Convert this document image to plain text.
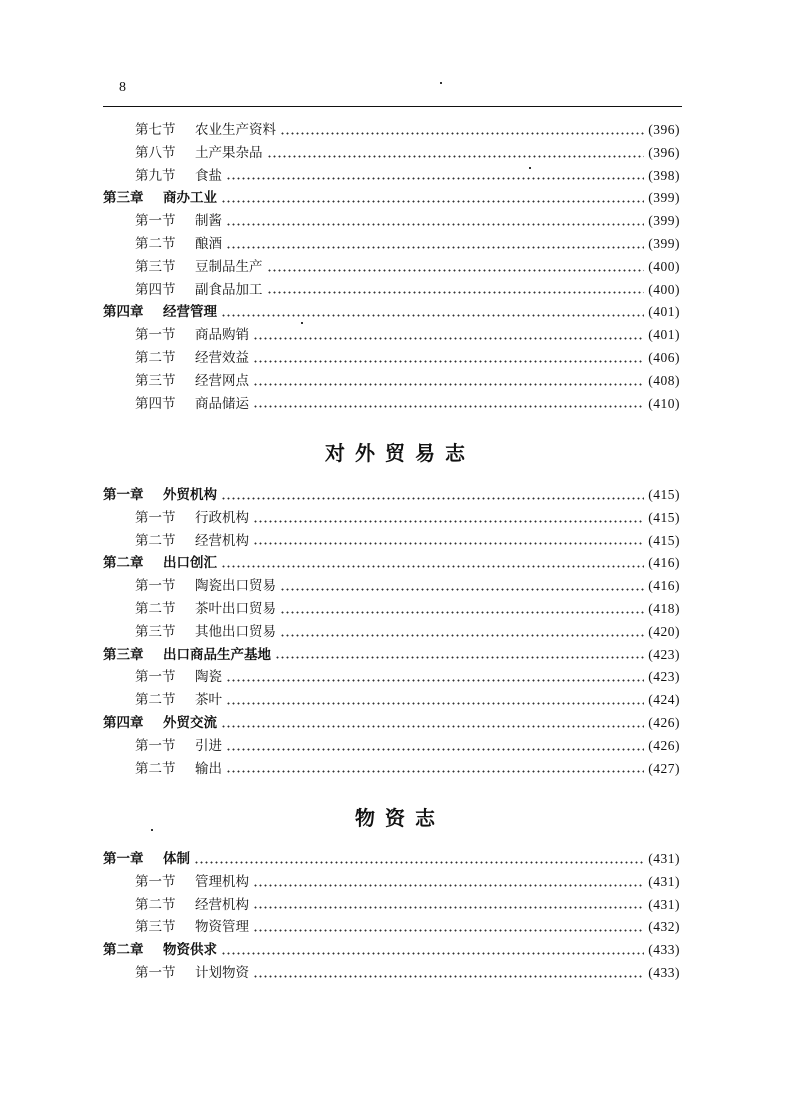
8
第七节	农业生产资料	(396)
第八节	土产果杂品	(396)
第九节	食盐	(398)
第三章	商办工业	(399)
第一节	制酱	(399)
第二节	酿酒	(399)
第三节	豆制品生产	(400)
第四节	副食品加工	(400)
第四章	经营管理	(401)
第一节	商品购销	(401)
第二节	经营效益	(406)
第三节	经营网点	(408)
第四节	商品储运	(410)
对外贸易志
第一章	外贸机构	(415)
第一节	行政机构	(415)
第二节	经营机构	(415)
第二章	出口创汇	(416)
第一节	陶瓷出口贸易	(416)
第二节	茶叶出口贸易	(418)
第三节	其他出口贸易	(420)
第三章	出口商品生产基地	(423)
第一节	陶瓷	(423)
第二节	茶叶	(424)
第四章	外贸交流	(426)
第一节	引进	(426)
第二节	输出	(427)
物资志
第一章	体制	(431)
第一节	管理机构	(431)
第二节	经营机构	(431)
第三节	物资管理	(432)
第二章	物资供求	(433)
第一节	计划物资	(433)
